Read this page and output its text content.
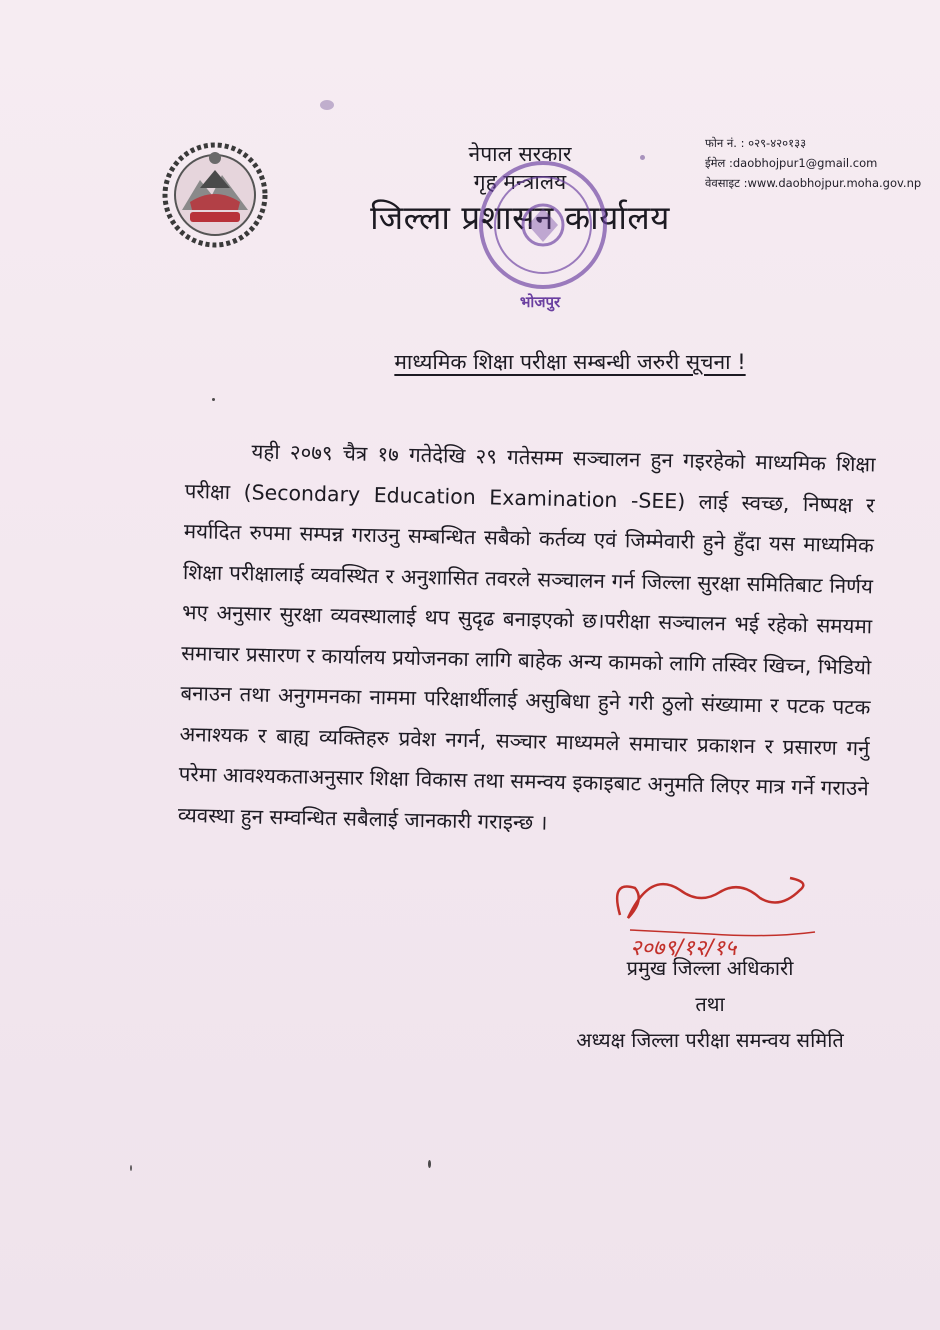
नेपाल सरकार

गृह मन्त्रालय

जिल्ला प्रशासन कार्यालय

भोजपुर
फोन नं. : ०२९-४२०१३३
ईमेल :daobhojpur1@gmail.com
वेवसाइट :www.daobhojpur.moha.gov.np
माध्यमिक शिक्षा परीक्षा सम्बन्धी जरुरी सूचना !
यही २०७९ चैत्र १७ गतेदेखि २९ गतेसम्म सञ्चालन हुन गइरहेको माध्यमिक शिक्षा परीक्षा (Secondary Education Examination -SEE) लाई स्वच्छ, निष्पक्ष र मर्यादित रुपमा सम्पन्न गराउनु सम्बन्धित सबैको कर्तव्य एवं जिम्मेवारी हुने हुँदा यस माध्यमिक शिक्षा परीक्षालाई व्यवस्थित र अनुशासित तवरले सञ्चालन गर्न जिल्ला सुरक्षा समितिबाट निर्णय भए अनुसार सुरक्षा व्यवस्थालाई थप सुदृढ बनाइएको छ।परीक्षा सञ्चालन भई रहेको समयमा समाचार प्रसारण र कार्यालय प्रयोजनका लागि बाहेक अन्य कामको लागि तस्विर खिच्न, भिडियो बनाउन तथा अनुगमनका नाममा परिक्षार्थीलाई असुबिधा हुने गरी ठुलो संख्यामा र पटक पटक अनाश्यक र बाह्य व्यक्तिहरु प्रवेश नगर्न, सञ्चार माध्यमले समाचार प्रकाशन र प्रसारण गर्नु परेमा आवश्यकताअनुसार शिक्षा विकास तथा समन्वय इकाइबाट अनुमति लिएर मात्र गर्ने गराउने व्यवस्था हुन सम्वन्धित सबैलाई जानकारी गराइन्छ ।
२०७९/१२/१५
प्रमुख जिल्ला अधिकारी
तथा
अध्यक्ष जिल्ला परीक्षा समन्वय समिति
